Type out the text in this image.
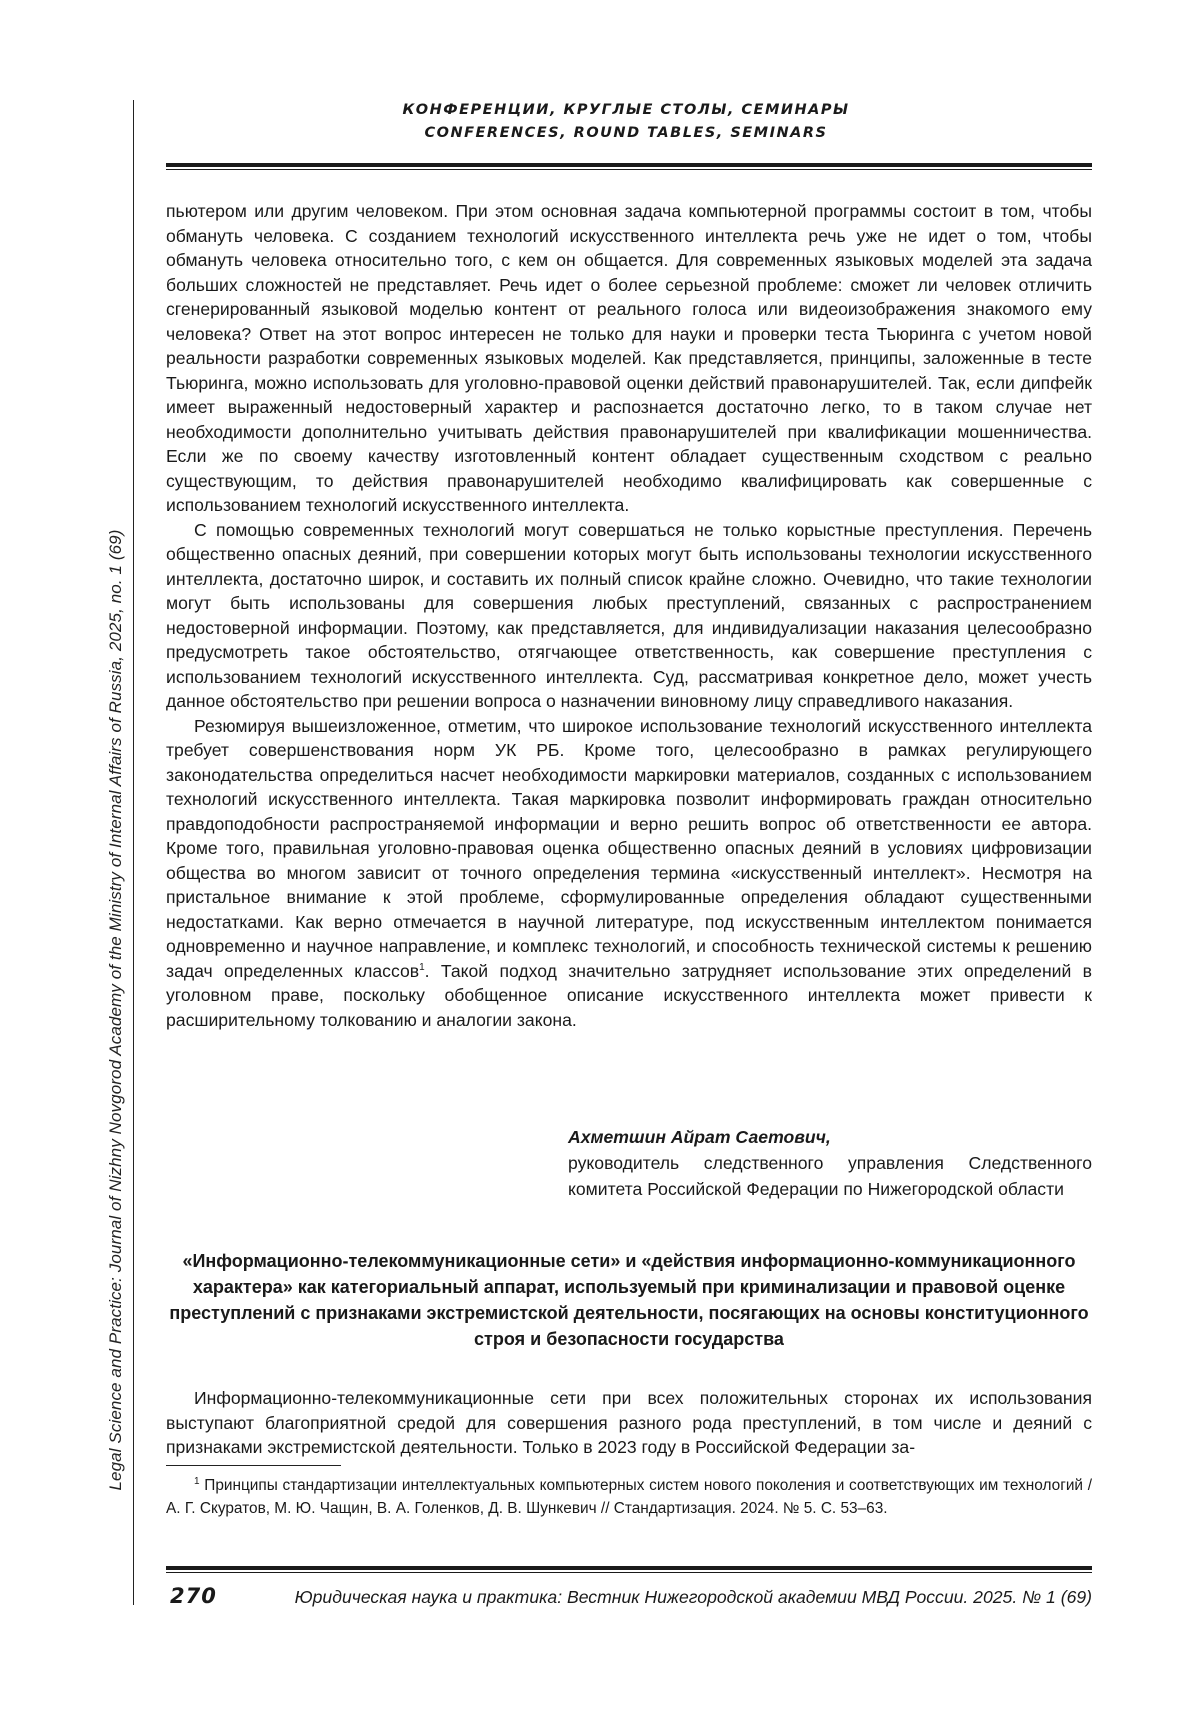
Legal Science and Practice: Journal of Nizhny Novgorod Academy of the Ministry of Internal Affairs of Russia, 2025, no. 1 (69)
КОНФЕРЕНЦИИ, КРУГЛЫЕ СТОЛЫ, СЕМИНАРЫ
CONFERENCES, ROUND TABLES, SEMINARS

пьютером или другим человеком. При этом основная задача компьютерной программы состоит в том, чтобы обмануть человека. С созданием технологий искусственного интеллекта речь уже не идет о том, чтобы обмануть человека относительно того, с кем он общается. Для современных языковых моделей эта задача больших сложностей не представляет. Речь идет о более серьезной проблеме: сможет ли человек отличить сгенерированный языковой моделью контент от реального голоса или видеоизображения знакомого ему человека? Ответ на этот вопрос интересен не только для науки и проверки теста Тьюринга с учетом новой реальности разработки современных языковых моделей. Как представляется, принципы, заложенные в тесте Тьюринга, можно использовать для уголовно-правовой оценки действий правонарушителей. Так, если дипфейк имеет выраженный недостоверный характер и распознается достаточно легко, то в таком случае нет необходимости дополнительно учитывать действия правонарушителей при квалификации мошенничества. Если же по своему качеству изготовленный контент обладает существенным сходством с реально существующим, то действия правонарушителей необходимо квалифицировать как совершенные с использованием технологий искусственного интеллекта.

С помощью современных технологий могут совершаться не только корыстные преступления. Перечень общественно опасных деяний, при совершении которых могут быть использованы технологии искусственного интеллекта, достаточно широк, и составить их полный список крайне сложно. Очевидно, что такие технологии могут быть использованы для совершения любых преступлений, связанных с распространением недостоверной информации. Поэтому, как представляется, для индивидуализации наказания целесообразно предусмотреть такое обстоятельство, отягчающее ответственность, как совершение преступления с использованием технологий искусственного интеллекта. Суд, рассматривая конкретное дело, может учесть данное обстоятельство при решении вопроса о назначении виновному лицу справедливого наказания.

Резюмируя вышеизложенное, отметим, что широкое использование технологий искусственного интеллекта требует совершенствования норм УК РБ. Кроме того, целесообразно в рамках регулирующего законодательства определиться насчет необходимости маркировки материалов, созданных с использованием технологий искусственного интеллекта. Такая маркировка позволит информировать граждан относительно правдоподобности распространяемой информации и верно решить вопрос об ответственности ее автора. Кроме того, правильная уголовно-правовая оценка общественно опасных деяний в условиях цифровизации общества во многом зависит от точного определения термина «искусственный интеллект». Несмотря на пристальное внимание к этой проблеме, сформулированные определения обладают существенными недостатками. Как верно отмечается в научной литературе, под искусственным интеллектом понимается одновременно и научное направление, и комплекс технологий, и способность технической системы к решению задач определенных классов$^1$. Такой подход значительно затрудняет использование этих определений в уголовном праве, поскольку обобщенное описание искусственного интеллекта может привести к расширительному толкованию и аналогии закона.

Ахметшин Айрат Саетович,
руководитель следственного управления Следственного комитета Российской Федерации по Нижегородской области
«Информационно-телекоммуникационные сети» и «действия информационно-коммуникационного характера» как категориальный аппарат, используемый при криминализации и правовой оценке преступлений с признаками экстремистской деятельности, посягающих на основы конституционного строя и безопасности государства

Информационно-телекоммуникационные сети при всех положительных сторонах их использования выступают благоприятной средой для совершения разного рода преступлений, в том числе и деяний с признаками экстремистской деятельности. Только в 2023 году в Российской Федерации за-

$^1$ Принципы стандартизации интеллектуальных компьютерных систем нового поколения и соответствующих им технологий / А. Г. Скуратов, М. Ю. Чащин, В. А. Голенков, Д. В. Шункевич // Стандартизация. 2024. № 5. С. 53–63.

270	Юридическая наука и практика: Вестник Нижегородской академии МВД России. 2025. № 1 (69)
